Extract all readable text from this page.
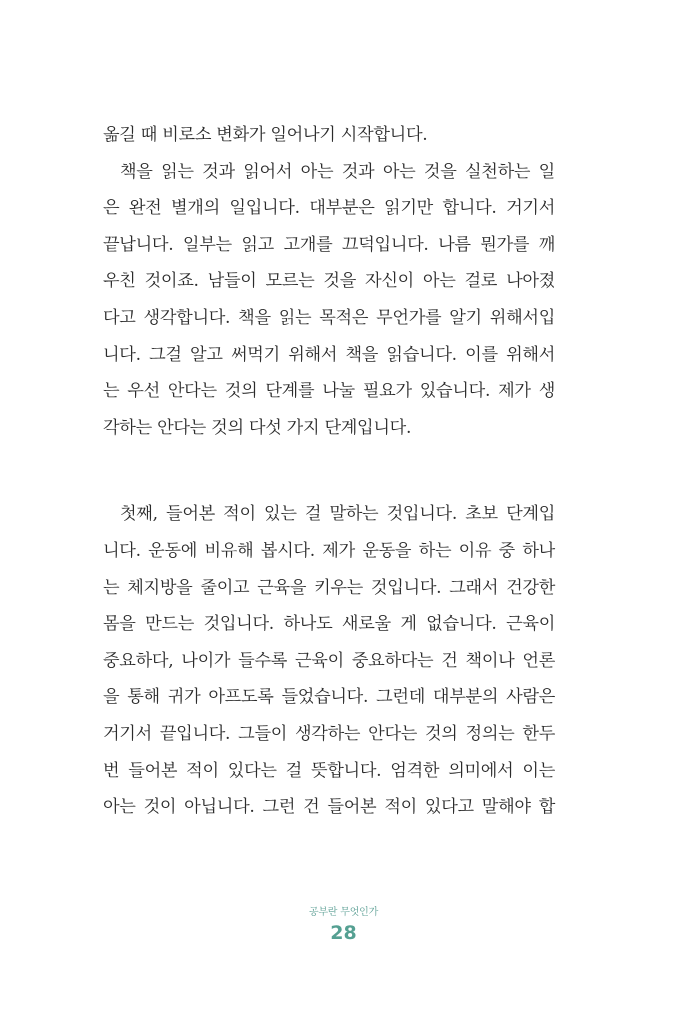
옮길 때 비로소 변화가 일어나기 시작합니다.
책을 읽는 것과 읽어서 아는 것과 아는 것을 실천하는 일
은 완전 별개의 일입니다. 대부분은 읽기만 합니다. 거기서
끝납니다. 일부는 읽고 고개를 끄덕입니다. 나름 뭔가를 깨
우친 것이죠. 남들이 모르는 것을 자신이 아는 걸로 나아졌
다고 생각합니다. 책을 읽는 목적은 무언가를 알기 위해서입
니다. 그걸 알고 써먹기 위해서 책을 읽습니다. 이를 위해서
는 우선 안다는 것의 단계를 나눌 필요가 있습니다. 제가 생
각하는 안다는 것의 다섯 가지 단계입니다.
첫째, 들어본 적이 있는 걸 말하는 것입니다. 초보 단계입
니다. 운동에 비유해 봅시다. 제가 운동을 하는 이유 중 하나
는 체지방을 줄이고 근육을 키우는 것입니다. 그래서 건강한
몸을 만드는 것입니다. 하나도 새로울 게 없습니다. 근육이
중요하다, 나이가 들수록 근육이 중요하다는 건 책이나 언론
을 통해 귀가 아프도록 들었습니다. 그런데 대부분의 사람은
거기서 끝입니다. 그들이 생각하는 안다는 것의 정의는 한두
번 들어본 적이 있다는 걸 뜻합니다. 엄격한 의미에서 이는
아는 것이 아닙니다. 그런 건 들어본 적이 있다고 말해야 합
공부란 무엇인가
28
